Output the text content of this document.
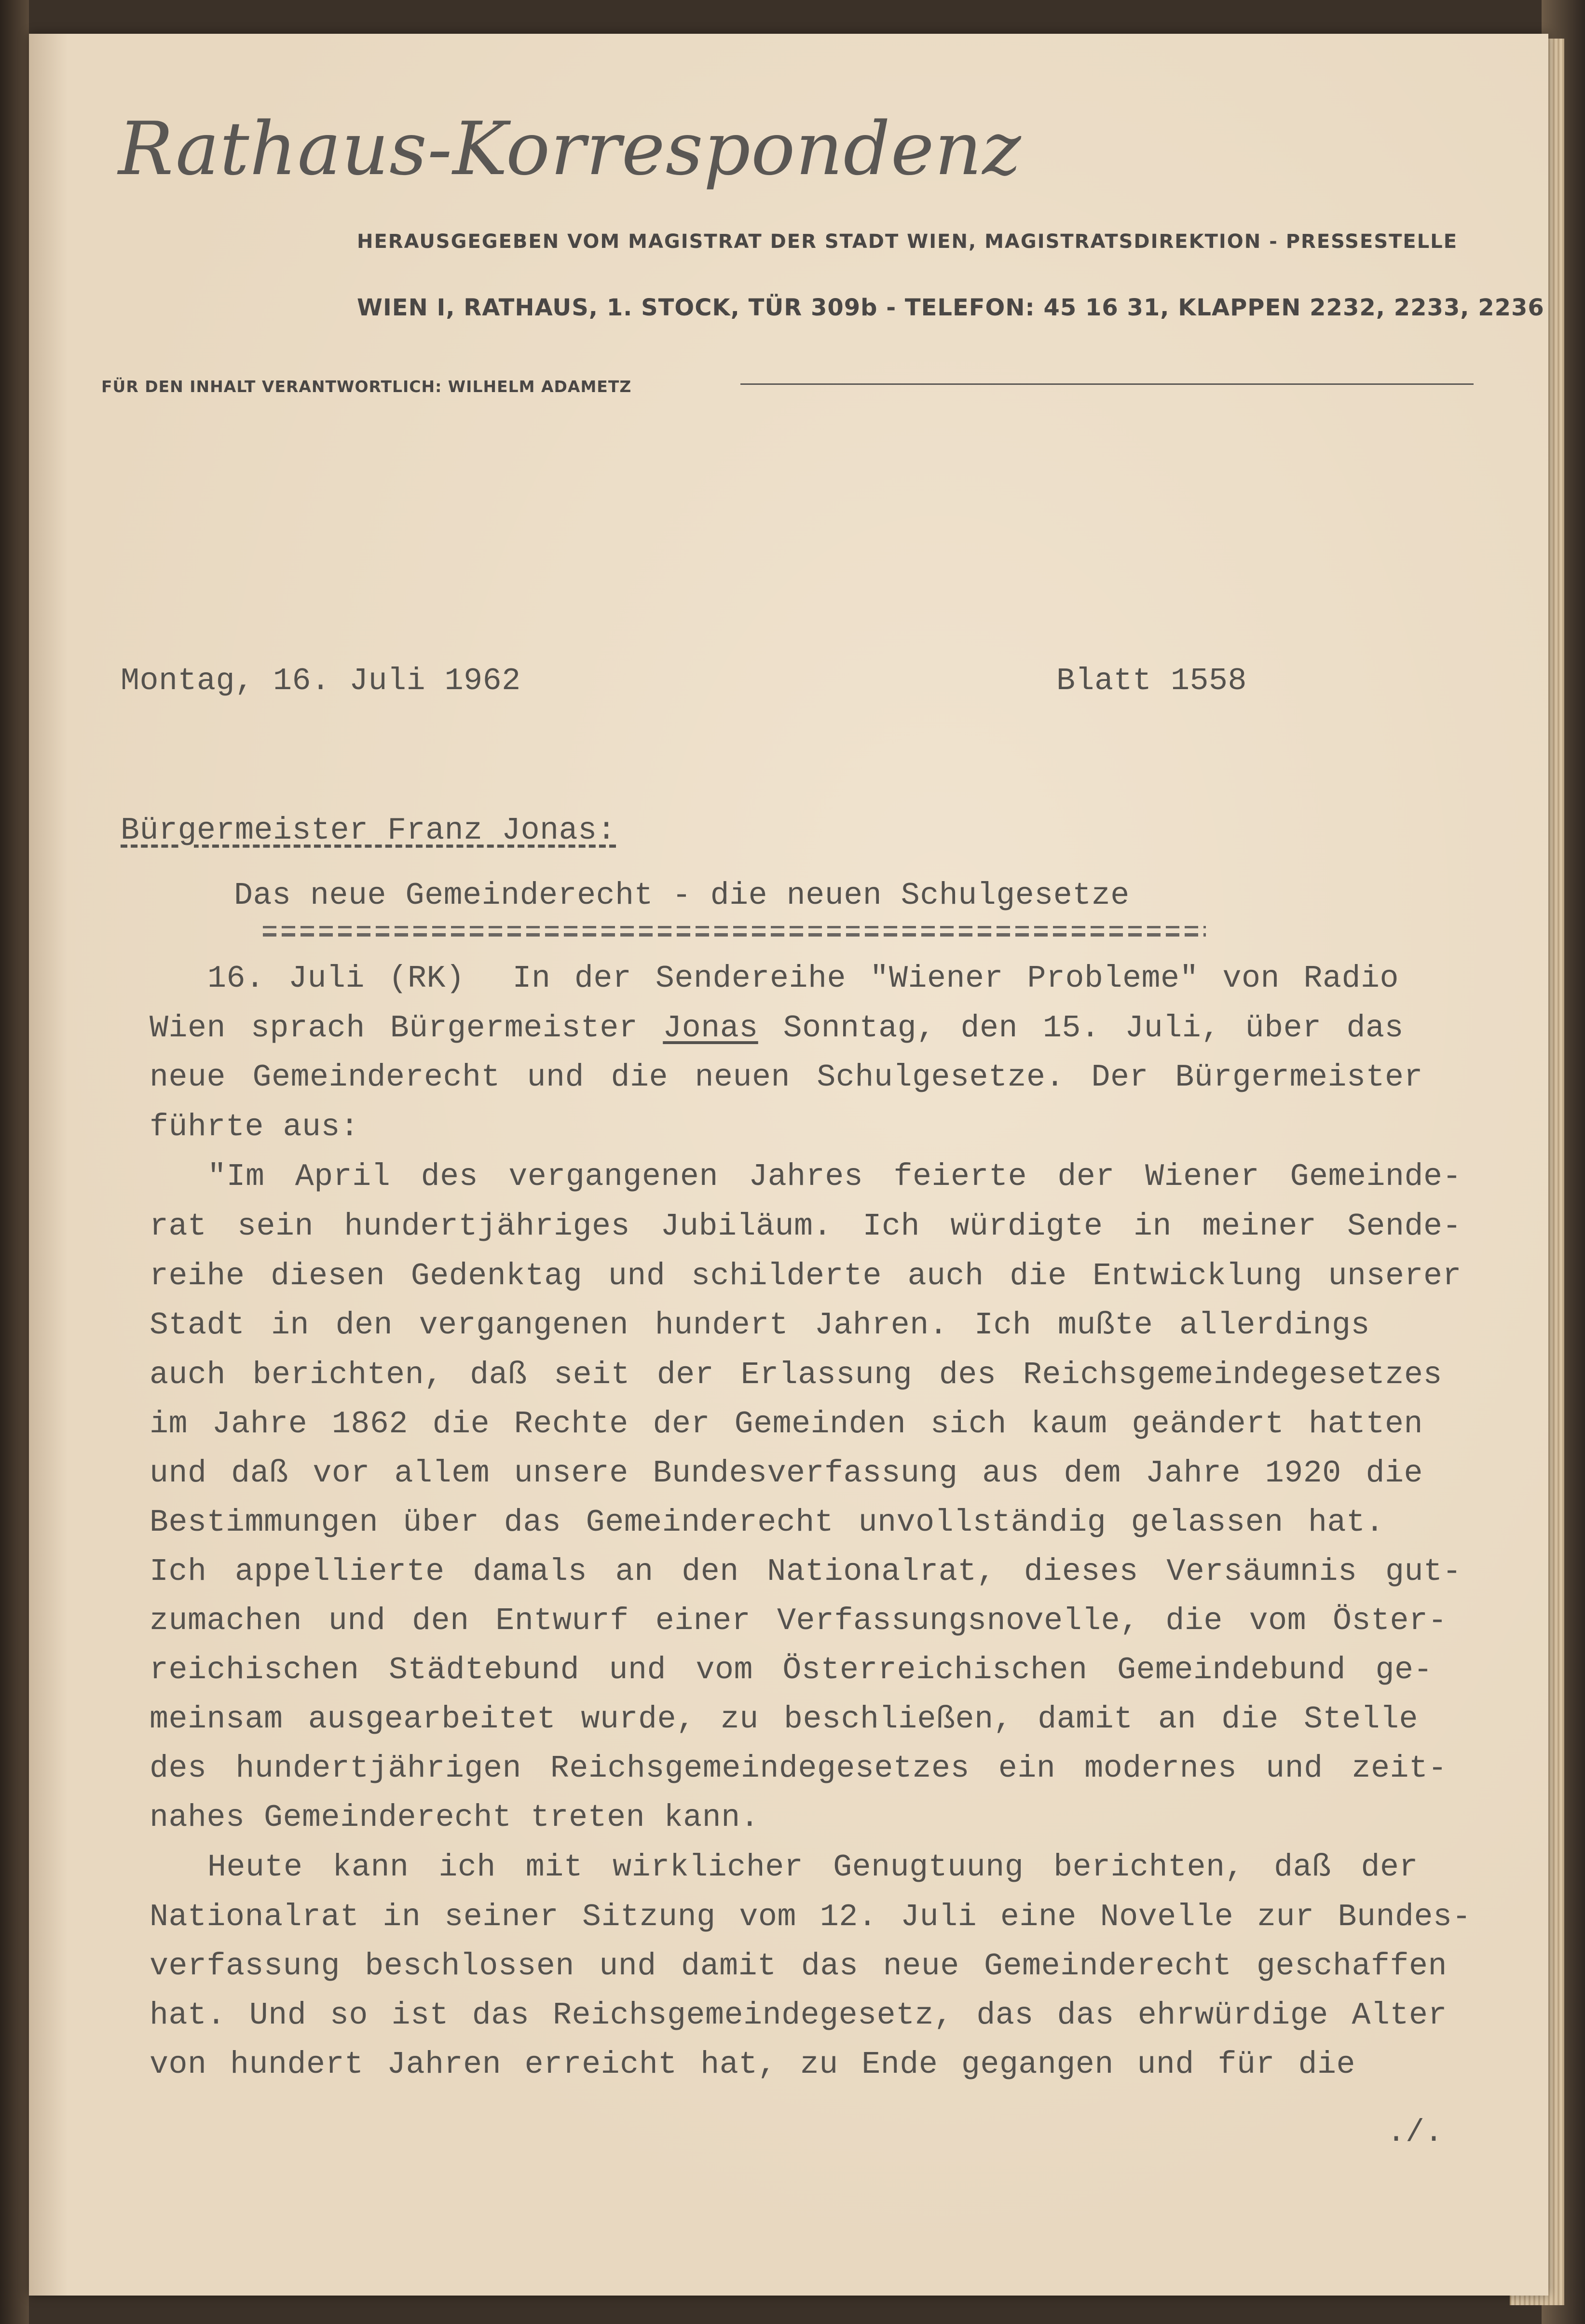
Rathaus-Korrespondenz
HERAUSGEGEBEN VOM MAGISTRAT DER STADT WIEN, MAGISTRATSDIREKTION - PRESSESTELLE
WIEN I, RATHAUS, 1. STOCK, TÜR 309b - TELEFON: 45 16 31, KLAPPEN 2232, 2233, 2236
FÜR DEN INHALT VERANTWORTLICH: WILHELM ADAMETZ
Montag, 16. Juli 1962	Blatt 1558
Bürgermeister Franz Jonas:
Das neue Gemeinderecht - die neuen Schulgesetze
16. Juli (RK)  In der Sendereihe "Wiener Probleme" von Radio
Wien sprach Bürgermeister Jonas Sonntag, den 15. Juli, über das
neue Gemeinderecht und die neuen Schulgesetze. Der Bürgermeister
führte aus:
"Im April des vergangenen Jahres feierte der Wiener Gemeinde-
rat sein hundertjähriges Jubiläum. Ich würdigte in meiner Sende-
reihe diesen Gedenktag und schilderte auch die Entwicklung unserer
Stadt in den vergangenen hundert Jahren. Ich mußte allerdings
auch berichten, daß seit der Erlassung des Reichsgemeindegesetzes
im Jahre 1862 die Rechte der Gemeinden sich kaum geändert hatten
und daß vor allem unsere Bundesverfassung aus dem Jahre 1920 die
Bestimmungen über das Gemeinderecht unvollständig gelassen hat.
Ich appellierte damals an den Nationalrat, dieses Versäumnis gut-
zumachen und den Entwurf einer Verfassungsnovelle, die vom Öster-
reichischen Städtebund und vom Österreichischen Gemeindebund ge-
meinsam ausgearbeitet wurde, zu beschließen, damit an die Stelle
des hundertjährigen Reichsgemeindegesetzes ein modernes und zeit-
nahes Gemeinderecht treten kann.
Heute kann ich mit wirklicher Genugtuung berichten, daß der
Nationalrat in seiner Sitzung vom 12. Juli eine Novelle zur Bundes-
verfassung beschlossen und damit das neue Gemeinderecht geschaffen
hat. Und so ist das Reichsgemeindegesetz, das das ehrwürdige Alter
von hundert Jahren erreicht hat, zu Ende gegangen und für die
./.
